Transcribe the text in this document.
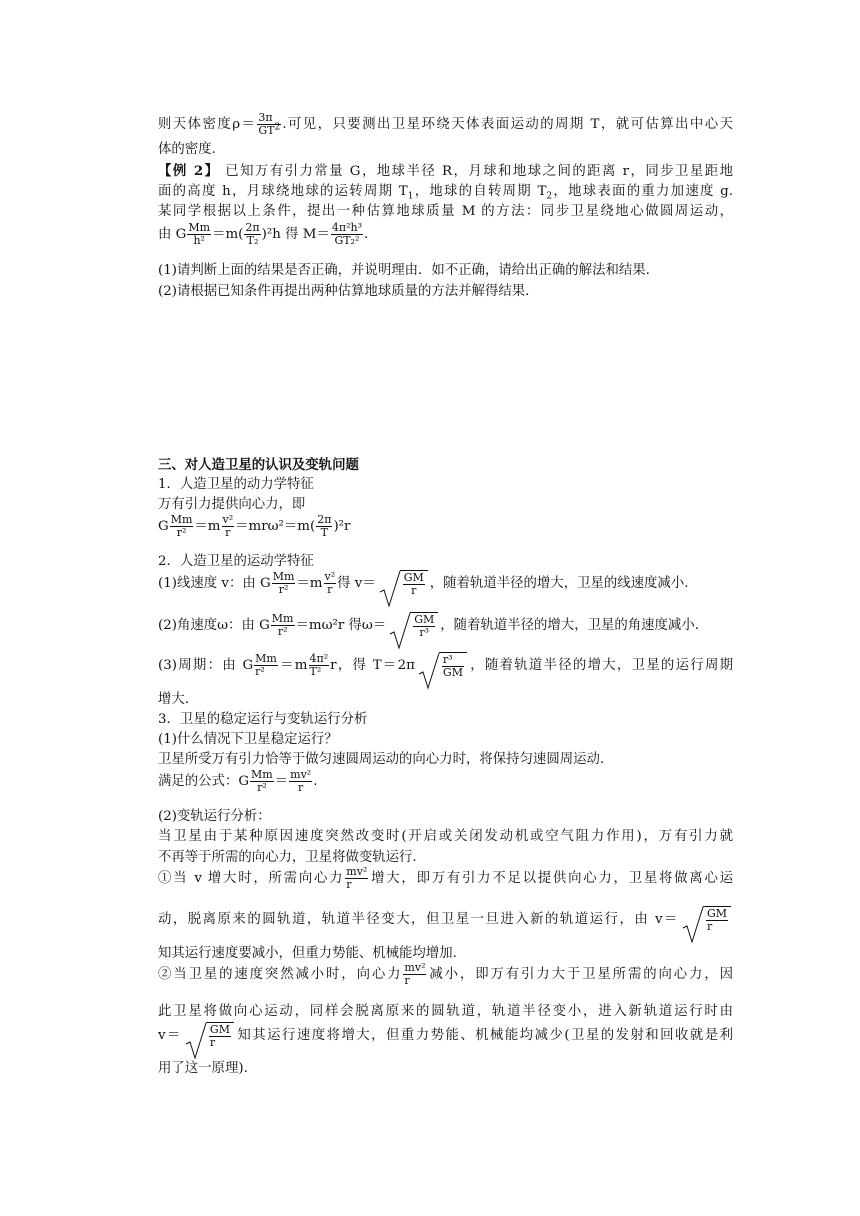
则天体密度$\rho= \frac{3\pi}{GT^2}$ .可见，只要测出卫星环绕天体表面运动的周期 T，就可估算出中心天
体的密度.
【例 2】 已知万有引力常量 G，地球半径 R，月球和地球之间的距离 r，同步卫星距地
面的高度 h，月球绕地球的运转周期 $T_1$，地球的自转周期 $T_2$，地球表面的重力加速度 g.
某同学根据以上条件，提出一种估算地球质量 M 的方法：同步卫星绕地心做圆周运动，
由 G $\frac{Mm}{\text{h²}} =m( \frac{2\pi}{\text{T₂}} )^2h$ 得 $M= \frac{\text{4π²h³}}{\text{GT₂²}}$ .
(1)请判断上面的结果是否正确，并说明理由．如不正确，请给出正确的解法和结果.
(2)请根据已知条件再提出两种估算地球质量的方法并解得结果.
三、对人造卫星的认识及变轨问题
1．人造卫星的动力学特征
万有引力提供向心力，即
G $\frac{Mm}{\text{r²}} =m \frac{\text{v²}}{r} =mr\omega^2=m( \frac{2\pi}{T} )^2r$
2．人造卫星的运动学特征
(1)线速度 v：由 G $\frac{Mm}{\text{r²}} =m \frac{\text{v²}}{r}$ 得 $v= \frac{GM}{r}$ ，随着轨道半径的增大，卫星的线速度减小.
(2)角速度ω：由 G $\frac{Mm}{\text{r²}} =m\omega^2r$ 得$\omega= \frac{GM}{\text{r³}}$ ，随着轨道半径的增大，卫星的角速度减小.
(3)周期：由 G $\frac{Mm}{\text{r²}} =m \frac{\text{4π²}}{\text{T²}}$ r，得 $T=2\pi \frac{\text{r³}}{GM}$ ，随着轨道半径的增大，卫星的运行周期
增大.
3．卫星的稳定运行与变轨运行分析
(1)什么情况下卫星稳定运行？
卫星所受万有引力恰等于做匀速圆周运动的向心力时，将保持匀速圆周运动.
满足的公式：G $\frac{Mm}{\text{r²}} = \frac{\text{mv²}}{r}$ .
(2)变轨运行分析：
当卫星由于某种原因速度突然改变时(开启或关闭发动机或空气阻力作用)，万有引力就
不再等于所需的向心力，卫星将做变轨运行.
①当 v 增大时，所需向心力 $\frac{\text{mv²}}{r}$ 增大，即万有引力不足以提供向心力，卫星将做离心运
动，脱离原来的圆轨道，轨道半径变大，但卫星一旦进入新的轨道运行，由 $v= \frac{GM}{r}$
知其运行速度要减小，但重力势能、机械能均增加.
②当卫星的速度突然减小时，向心力 $\frac{\text{mv²}}{r}$ 减小，即万有引力大于卫星所需的向心力，因
此卫星将做向心运动，同样会脱离原来的圆轨道，轨道半径变小，进入新轨道运行时由
$v= \frac{GM}{r}$ 知其运行速度将增大，但重力势能、机械能均减少(卫星的发射和回收就是利
用了这一原理).
